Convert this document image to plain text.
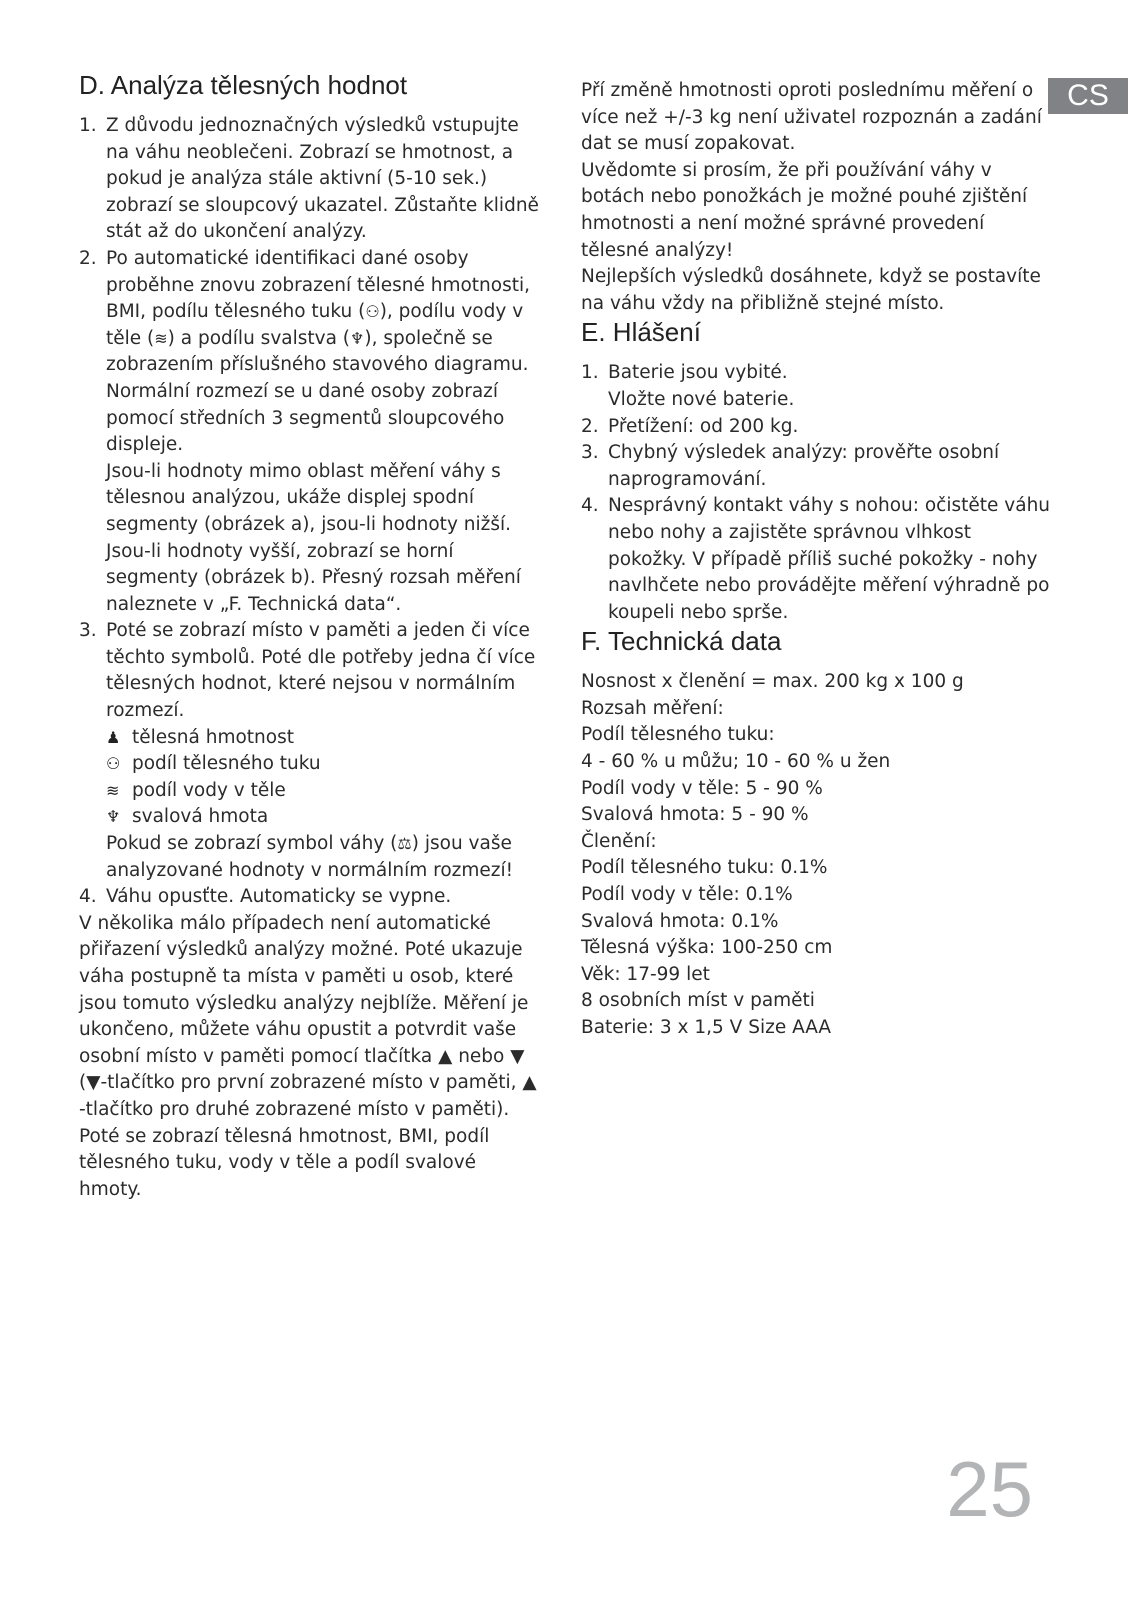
CS
D. Analýza tělesných hodnot
1. Z důvodu jednoznačných výsledků vstupujte na váhu neoblečeni. Zobrazí se hmotnost, a pokud je analýza stále aktivní (5-10 sek.) zobrazí se sloupcový ukazatel. Zůstaňte klidně stát až do ukončení analýzy.

2. Po automatické identifikaci dané osoby proběhne znovu zobrazení tělesné hmotnosti, BMI, podílu tělesného tuku (⚇), podílu vody v těle (≋) a podílu svalstva (♆), společně se zobrazením příslušného stavového diagramu.

Normální rozmezí se u dané osoby zobrazí pomocí středních 3 segmentů sloupcového displeje.

Jsou-li hodnoty mimo oblast měření váhy s tělesnou analýzou, ukáže displej spodní segmenty (obrázek a), jsou-li hodnoty nižší. Jsou-li hodnoty vyšší, zobrazí se horní segmenty (obrázek b). Přesný rozsah měření naleznete v „F. Technická data“.

3. Poté se zobrazí místo v paměti a jeden či více těchto symbolů. Poté dle potřeby jedna čí více tělesných hodnot, které nejsou v normálním rozmezí.

♟ tělesná hmotnost
⚇ podíl tělesného tuku
≋ podíl vody v těle
♆ svalová hmota

Pokud se zobrazí symbol váhy (⚖) jsou vaše analyzované hodnoty v normálním rozmezí!

4. Váhu opusťte. Automaticky se vypne.

V několika málo případech není automatické přiřazení výsledků analýzy možné. Poté ukazuje váha postupně ta místa v paměti u osob, které jsou tomuto výsledku analýzy nejblíže. Měření je ukončeno, můžete váhu opustit a potvrdit vaše osobní místo v paměti pomocí tlačítka ▲ nebo ▼ (▼-tlačítko pro první zobrazené místo v paměti, ▲ -tlačítko pro druhé zobrazené místo v paměti). Poté se zobrazí tělesná hmotnost, BMI, podíl tělesného tuku, vody v těle a podíl svalové hmoty.

Pří změně hmotnosti oproti poslednímu měření o více než +/-3 kg není uživatel rozpoznán a zadání dat se musí zopakovat.

Uvědomte si prosím, že při používání váhy v botách nebo ponožkách je možné pouhé zjištění hmotnosti a není možné správné provedení tělesné analýzy!

Nejlepších výsledků dosáhnete, když se postavíte na váhu vždy na přibližně stejné místo.

E. Hlášení
1. Baterie jsou vybité.
Vložte nové baterie.
2. Přetížení: od 200 kg.
3. Chybný výsledek analýzy: prověřte osobní naprogramování.
4. Nesprávný kontakt váhy s nohou: očistěte váhu nebo nohy a zajistěte správnou vlhkost pokožky. V případě příliš suché pokožky - nohy navlhčete nebo provádějte měření výhradně po koupeli nebo sprše.
F. Technická data
Nosnost x členění = max. 200 kg x 100 g
Rozsah měření:
Podíl tělesného tuku:
4 - 60 % u můžu; 10 - 60 % u žen
Podíl vody v těle: 5 - 90 %
Svalová hmota: 5 - 90 %
Členění:
Podíl tělesného tuku: 0.1%
Podíl vody v těle: 0.1%
Svalová hmota: 0.1%
Tělesná výška: 100-250 cm
Věk: 17-99 let
8 osobních míst v paměti
Baterie: 3 x 1,5 V Size AAA
25
